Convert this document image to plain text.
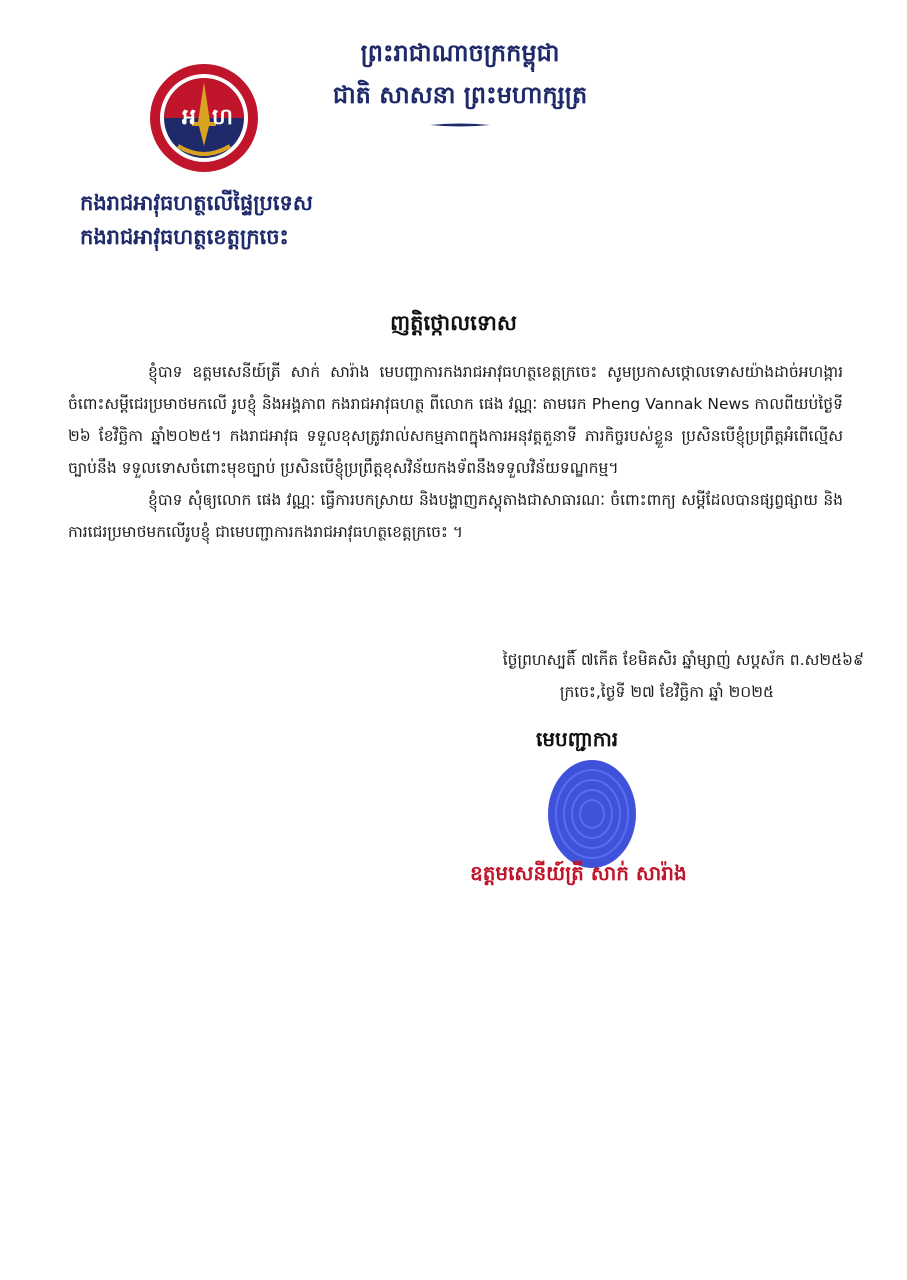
អ ហ
ព្រះរាជាណាចក្រកម្ពុជា
ជាតិ សាសនា ព្រះមហាក្សត្រ
កងរាជអាវុធហត្ថលើផ្ទៃប្រទេស
កងរាជអាវុធហត្ថខេត្តក្រចេះ
ញត្តិថ្កោលទោស

ខ្ញុំបាទ ឧត្តមសេនីយ៍ត្រី សាក់ សារ៉ាង មេបញ្ជាការកងរាជអាវុធហត្ថខេត្តក្រចេះ សូមប្រកាសថ្កោលទោសយ៉ាងដាច់អហង្ការចំពោះសម្ដីជេរប្រមាថមកលើ រូបខ្ញុំ និងអង្គភាព កងរាជអាវុធហត្ថ ពីលោក ផេង វណ្ណៈ តាមរេក Pheng Vannak News កាលពីយប់ថ្ងៃទី ២៦ ខែវិច្ឆិកា ឆ្នាំ២០២៥។ កងរាជអាវុធ ទទួលខុសត្រូវរាល់សកម្មភាពក្នុងការអនុវត្តតួនាទី ភារកិច្ចរបស់ខ្លួន ប្រសិនបើខ្ញុំប្រព្រឹត្តអំពើល្មើសច្បាប់នឹង ទទួលទោសចំពោះមុខច្បាប់ ប្រសិនបើខ្ញុំប្រព្រឹត្តខុសវិន័យកងទ័ពនឹងទទួលវិន័យទណ្ឌកម្ម។

ខ្ញុំបាទ សុំឲ្យលោក ផេង វណ្ណៈ ធ្វើការបកស្រាយ និងបង្ហាញភស្តុតាងជាសាធារណៈ ចំពោះពាក្យ សម្ដីដែលបានផ្សព្វផ្សាយ និងការជេរប្រមាថមកលើរូបខ្ញុំ ជាមេបញ្ជាការកងរាជអាវុធហត្ថខេត្តក្រចេះ ។

ថ្ងៃព្រហស្បតិ៍ ៧កើត ខែមិគសិរ ឆ្នាំម្សាញ់ សប្តស័ក ព.ស២៥៦៩
ក្រចេះ,ថ្ងៃទី ២៧ ខែវិច្ឆិកា ឆ្នាំ ២០២៥
មេបញ្ជាការ
ឧត្តមសេនីយ៍ត្រី សាក់ សារ៉ាង
